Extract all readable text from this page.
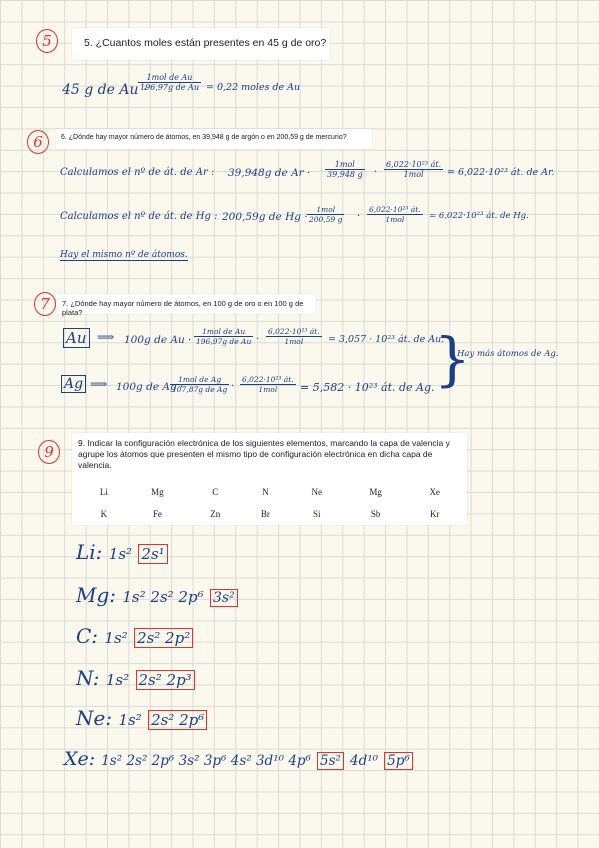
5	5. ¿Cuantos moles están presentes en 45 g de oro?
45 g de Au ·
1mol de Au
196,97g de Au = 0,22 moles de Au
6	6. ¿Dónde hay mayor número de átomos, en 39,948 g de argón o en 200,59 g de mercurio?
Calculamos el nº de át. de Ar : 39,948g de Ar ·
1mol
39,948 g ·
6,022·10²³ át.
1mol	= 6,022·10²³ át. de Ar.
Calculamos el nº de át. de Hg : 200,59g de Hg ·
1mol
200,59 g ·
6,022·10²³ át.
1mol	= 6,022·10²³ át. de Hg.
Hay el mismo nº de átomos.
7	7. ¿Dónde hay mayor número de átomos, en 100 g de oro o en 100 g de plata?
Au ⟹ 100g de Au ·
1mol de Au
196,97g de Au ·
6,022·10²³ át.
1mol	= 3,057 · 10²³ át. de Au.
Ag ⟹ 100g de Ag ·
1mol de Ag
107,87g de Ag ·
6,022·10²³ át.
1mol	= 5,582 · 10²³ át. de Ag. }
Hay más átomos de Ag.
9	9. Indicar la configuración electrónica de los siguientes elementos, marcando la capa de valencia y agrupe los átomos que presenten el mismo tipo de configuración electrónica en dicha capa de valencia.
Li	Mg	C	N	Ne	Mg	Xe
K	Fe	Zn	Br	Si	Sb	Kr
Li: 1s² 2s¹
Mg: 1s² 2s² 2p⁶ 3s²
C: 1s² 2s² 2p²
N: 1s² 2s² 2p³
Ne: 1s² 2s² 2p⁶
Xe: 1s² 2s² 2p⁶ 3s² 3p⁶ 4s² 3d¹⁰ 4p⁶ 5s² 4d¹⁰ 5p⁶
